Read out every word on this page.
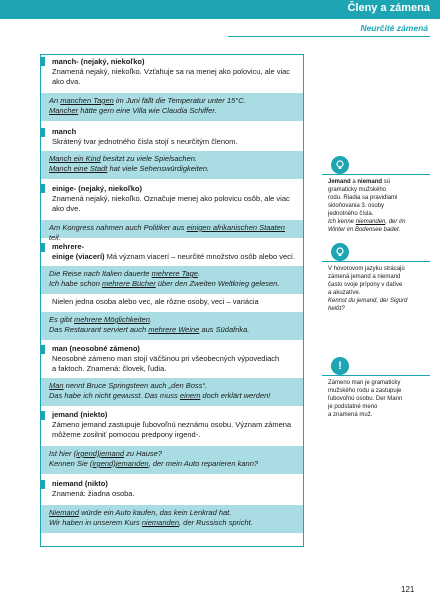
Členy a zámena
Neurčité zámená
manch- (nejaký, niekoľko)
Znamená nejaký, niekoľko. Vzťahuje sa na menej ako polovicu, ale viac
ako dva.
An manchen Tagen im Juni fällt die Temperatur unter 15°C.
Mancher hätte gern eine Villa wie Claudia Schiffer.
manch
Skrátený tvar jednotného čísla stojí s neurčitým členom.
Manch ein Kind besitzt zu viele Spielsachen.
Manch eine Stadt hat viele Sehenswürdigkeiten.
einige- (nejaký, niekoľko)
Znamená nejaký, niekoľko. Označuje menej ako polovicu osôb, ale viac
ako dve.
Am Kongress nahmen auch Politiker aus einigen afrikanischen Staaten teil.
mehrere-
einige (viacerí) Má význam viacerí – neurčité množstvo osôb alebo vecí.
Die Reise nach Italien dauerte mehrere Tage.
Ich habe schon mehrere Bücher über den Zweiten Weltkrieg gelesen.
Nielen jedna osoba alebo vec, ale rôzne osoby, veci – variácia
Es gibt mehrere Möglichkeiten.
Das Restaurant serviert auch mehrere Weine aus Südafrika.
man (neosobné zámeno)
Neosobné zámeno man stojí väčšinou pri všeobecných výpovediach
a faktoch. Znamená: človek, ľudia.
Man nennt Bruce Springsteen auch „den Boss“.
Das habe ich nicht gewusst. Das muss einem doch erklärt werden!
jemand (niekto)
Zámeno jemand zastupuje ľubovoľnú neznámu osobu. Význam zámena
môžeme zosilniť pomocou predpony irgend-.
Ist hier (irgend)jemand zu Hause?
Kennen Sie (irgend)jemanden, der mein Auto reparieren kann?
niemand (nikto)
Znamená: žiadna osoba.
Niemand würde ein Auto kaufen, das kein Lenkrad hat.
Wir haben in unserem Kurs niemanden, der Russisch spricht.
Jemand a niemand sú
gramaticky mužského
rodu. Riadia sa pravidlami
skloňovania 3. osoby
jednotného čísla.
Ich kenne niemanden, der im
Winter im Bodensee badet.
V hovorovom jazyku strácajú
zámená jemand a niemand
často svoje prípony v datíve
a akuzatíve.
Kennst du jemand, der Sigurd
heißt?
!
Zámeno man je gramaticky
mužského rodu a zastupuje
ľubovoľnú osobu. Der Mann
je podstatné meno
a znamená muž.
121
